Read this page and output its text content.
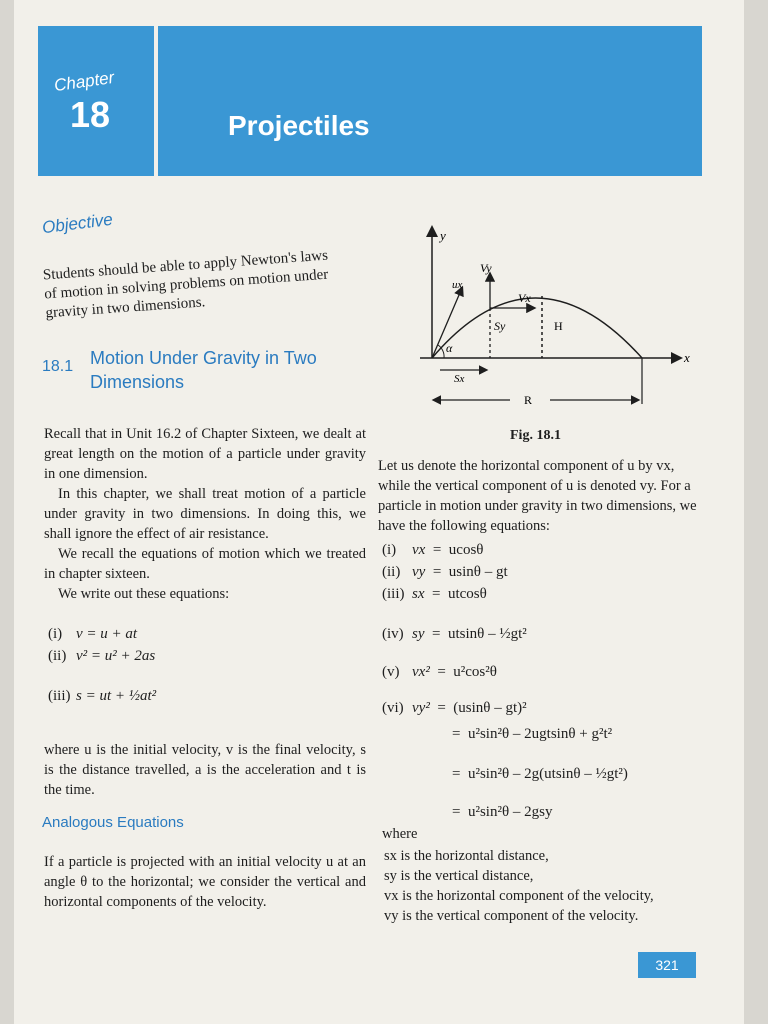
Chapter
18	Projectiles
Objective
Students should be able to apply Newton's laws of motion in solving problems on motion under gravity in two dimensions.
18.1 Motion Under Gravity in Two Dimensions

Recall that in Unit 16.2 of Chapter Sixteen, we dealt at great length on the motion of a particle under gravity in one dimension.

In this chapter, we shall treat motion of a particle under gravity in two dimensions. In doing this, we shall ignore the effect of air resistance.

We recall the equations of motion which we treated in chapter sixteen.

We write out these equations:

(i) v = u + at
(ii) v² = u² + 2as
(iii) s = ut + ½at²
where u is the initial velocity, v is the final velocity, s is the distance travelled, a is the acceleration and t is the time.
Analogous Equations
If a particle is projected with an initial velocity u at an angle θ to the horizontal; we consider the vertical and horizontal components of the velocity.
y
x
Vy
ux
Vx
Sy	H
α
Sx
R
Fig. 18.1
Let us denote the horizontal component of u by vx, while the vertical component of u is denoted vy. For a particle in motion under gravity in two dimensions, we have the following equations:
(i) vx  =  ucosθ
(ii) vy  =  usinθ – gt
(iii) sx  =  utcosθ
(iv) sy  =  utsinθ – ½gt²
(v) vx²  =  u²cos²θ
(vi) vy²  =  (usinθ – gt)²
=  u²sin²θ – 2ugtsinθ + g²t²
=  u²sin²θ – 2g(utsinθ – ½gt²)
=  u²sin²θ – 2gsy
where
sx is the horizontal distance,
sy is the vertical distance,
vx is the horizontal component of the velocity,
vy is the vertical component of the velocity.
321
